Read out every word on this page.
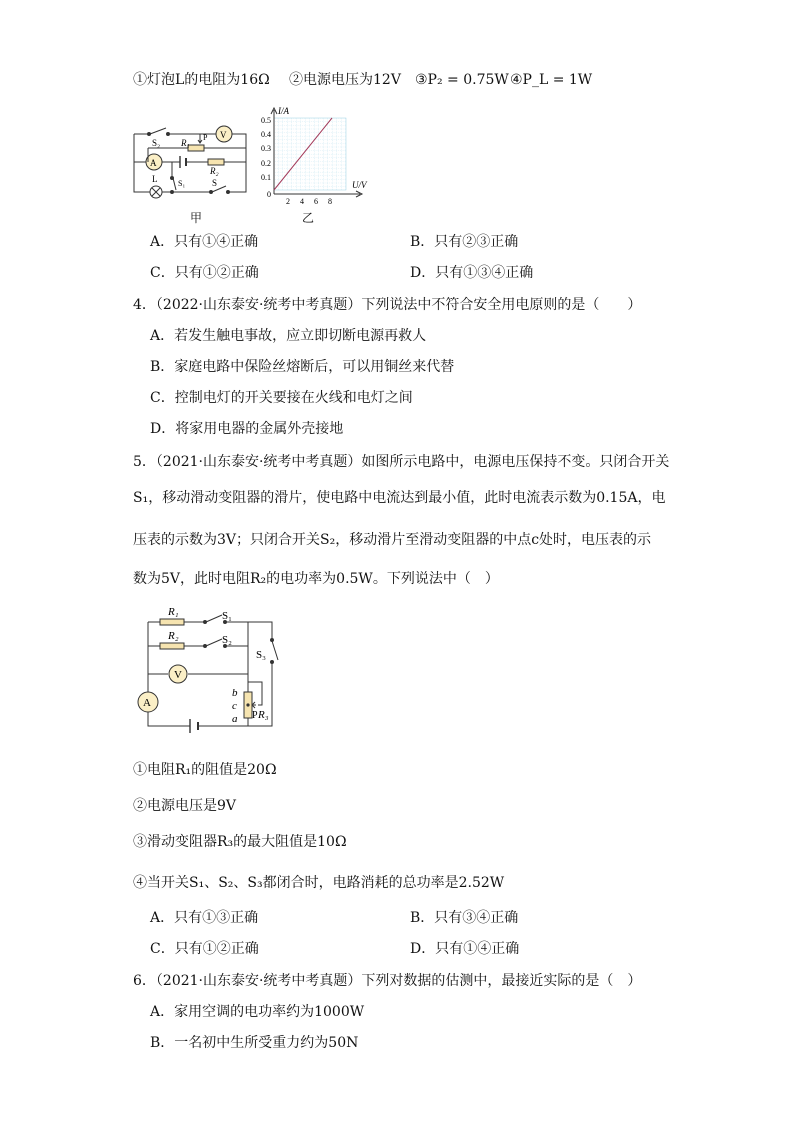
①灯泡L的电阻为16Ω ②电源电压为12V ③P₂ = 0.75W ④P_L = 1W
S₂
V
R₁
P
A
R₂
L	S₁	S
甲
I/A
U/V
0.5
0.4
0.3
0.2
0.1
0
2 4 6 8
乙
A．只有①④正确	B．只有②③正确
C．只有①②正确	D．只有①③④正确
4．（2022·山东泰安·统考中考真题）下列说法中不符合安全用电原则的是（　　）
A．若发生触电事故，应立即切断电源再救人
B．家庭电路中保险丝熔断后，可以用铜丝来代替
C．控制电灯的开关要接在火线和电灯之间
D．将家用电器的金属外壳接地
5．（2021·山东泰安·统考中考真题）如图所示电路中，电源电压保持不变。只闭合开关
S₁，移动滑动变阻器的滑片，使电路中电流达到最小值，此时电流表示数为0.15A，电
压表的示数为3V；只闭合开关S₂，移动滑片至滑动变阻器的中点c处时，电压表的示
数为5V，此时电阻R₂的电功率为0.5W。下列说法中（　）
R₁	S₁
R₂	S₂
S₃
V
A
b
c
a P R₃
①电阻R₁的阻值是20Ω
②电源电压是9V
③滑动变阻器R₃的最大阻值是10Ω
④当开关S₁、S₂、S₃都闭合时，电路消耗的总功率是2.52W
A．只有①③正确	B．只有③④正确
C．只有①②正确	D．只有①④正确
6．（2021·山东泰安·统考中考真题）下列对数据的估测中，最接近实际的是（　）
A．家用空调的电功率约为1000W
B．一名初中生所受重力约为50N
